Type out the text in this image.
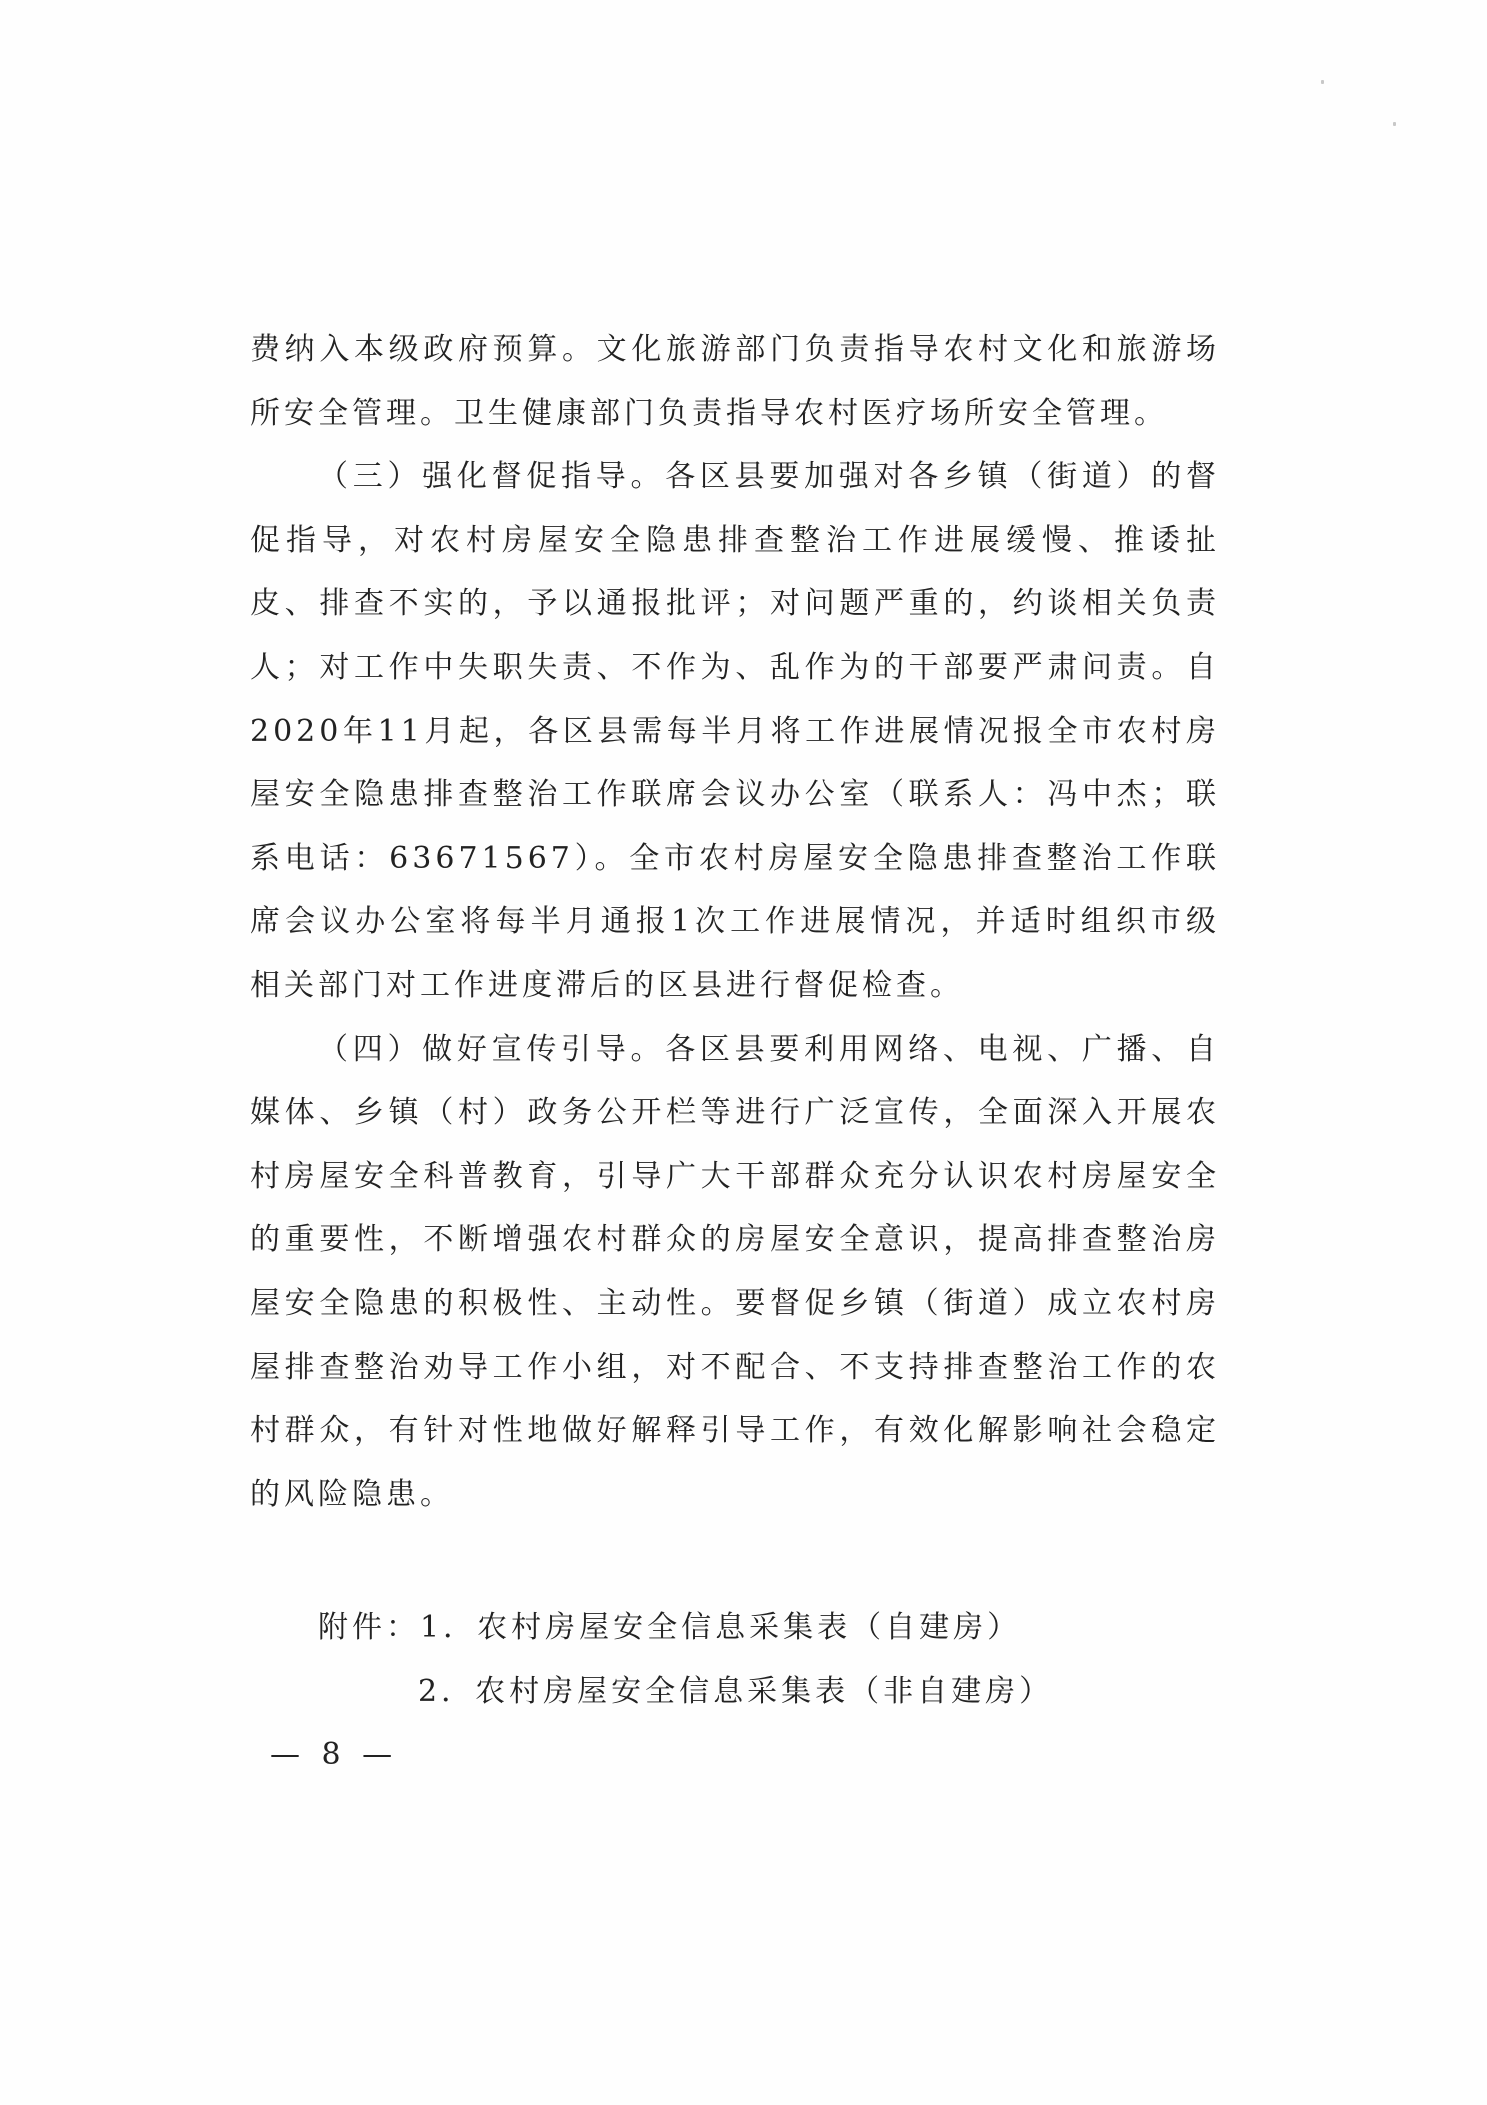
费纳入本级政府预算。文化旅游部门负责指导农村文化和旅游场所安全管理。卫生健康部门负责指导农村医疗场所安全管理。

（三）强化督促指导。各区县要加强对各乡镇（街道）的督促指导，对农村房屋安全隐患排查整治工作进展缓慢、推诿扯皮、排查不实的，予以通报批评；对问题严重的，约谈相关负责人；对工作中失职失责、不作为、乱作为的干部要严肃问责。自2020年11月起，各区县需每半月将工作进展情况报全市农村房屋安全隐患排查整治工作联席会议办公室（联系人：冯中杰；联系电话：63671567）。全市农村房屋安全隐患排查整治工作联席会议办公室将每半月通报1次工作进展情况，并适时组织市级相关部门对工作进度滞后的区县进行督促检查。

（四）做好宣传引导。各区县要利用网络、电视、广播、自媒体、乡镇（村）政务公开栏等进行广泛宣传，全面深入开展农村房屋安全科普教育，引导广大干部群众充分认识农村房屋安全的重要性，不断增强农村群众的房屋安全意识，提高排查整治房屋安全隐患的积极性、主动性。要督促乡镇（街道）成立农村房屋排查整治劝导工作小组，对不配合、不支持排查整治工作的农村群众，有针对性地做好解释引导工作，有效化解影响社会稳定的风险隐患。

附件：1．农村房屋安全信息采集表（自建房）
2．农村房屋安全信息采集表（非自建房）
— 8 —
